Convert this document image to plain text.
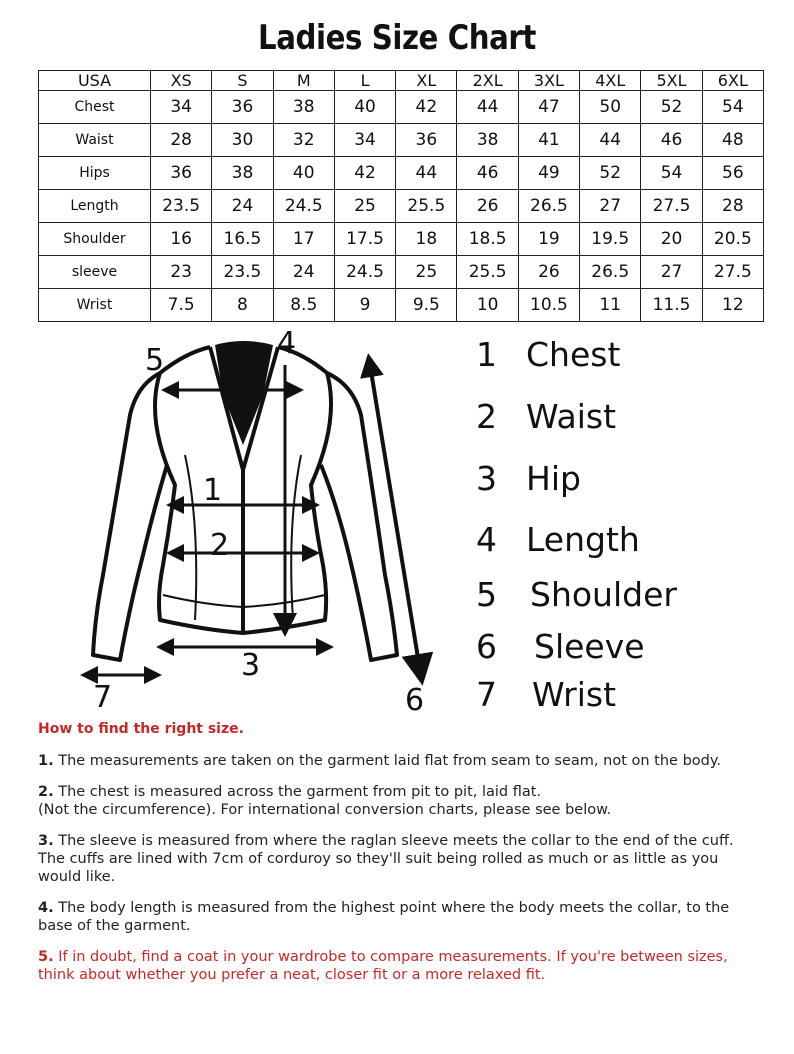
Ladies Size Chart
USA	XS	S	M	L	XL	2XL	3XL	4XL	5XL	6XL
Chest	34	36	38	40	42	44	47	50	52	54
Waist	28	30	32	34	36	38	41	44	46	48
Hips	36	38	40	42	44	46	49	52	54	56
Length	23.5	24	24.5	25	25.5	26	26.5	27	27.5	28
Shoulder	16	16.5	17	17.5	18	18.5	19	19.5	20	20.5
sleeve	23	23.5	24	24.5	25	25.5	26	26.5	27	27.5
Wrist	7.5	8	8.5	9	9.5	10	10.5	11	11.5	12
1
2
3
4
5
6
7
1 Chest
2 Waist
3 Hip
4 Length
5	Shoulder
6	Sleeve
7	Wrist
How to find the right size.

1. The measurements are taken on the garment laid flat from seam to seam, not on the body.

2. The chest is measured across the garment from pit to pit, laid flat.
(Not the circumference). For international conversion charts, please see below.

3. The sleeve is measured from where the raglan sleeve meets the collar to the end of the cuff. The cuffs are lined with 7cm of corduroy so they'll suit being rolled as much or as little as you would like.

4. The body length is measured from the highest point where the body meets the collar, to the base of the garment.

5. If in doubt, find a coat in your wardrobe to compare measurements. If you're between sizes, think about whether you prefer a neat, closer fit or a more relaxed fit.
